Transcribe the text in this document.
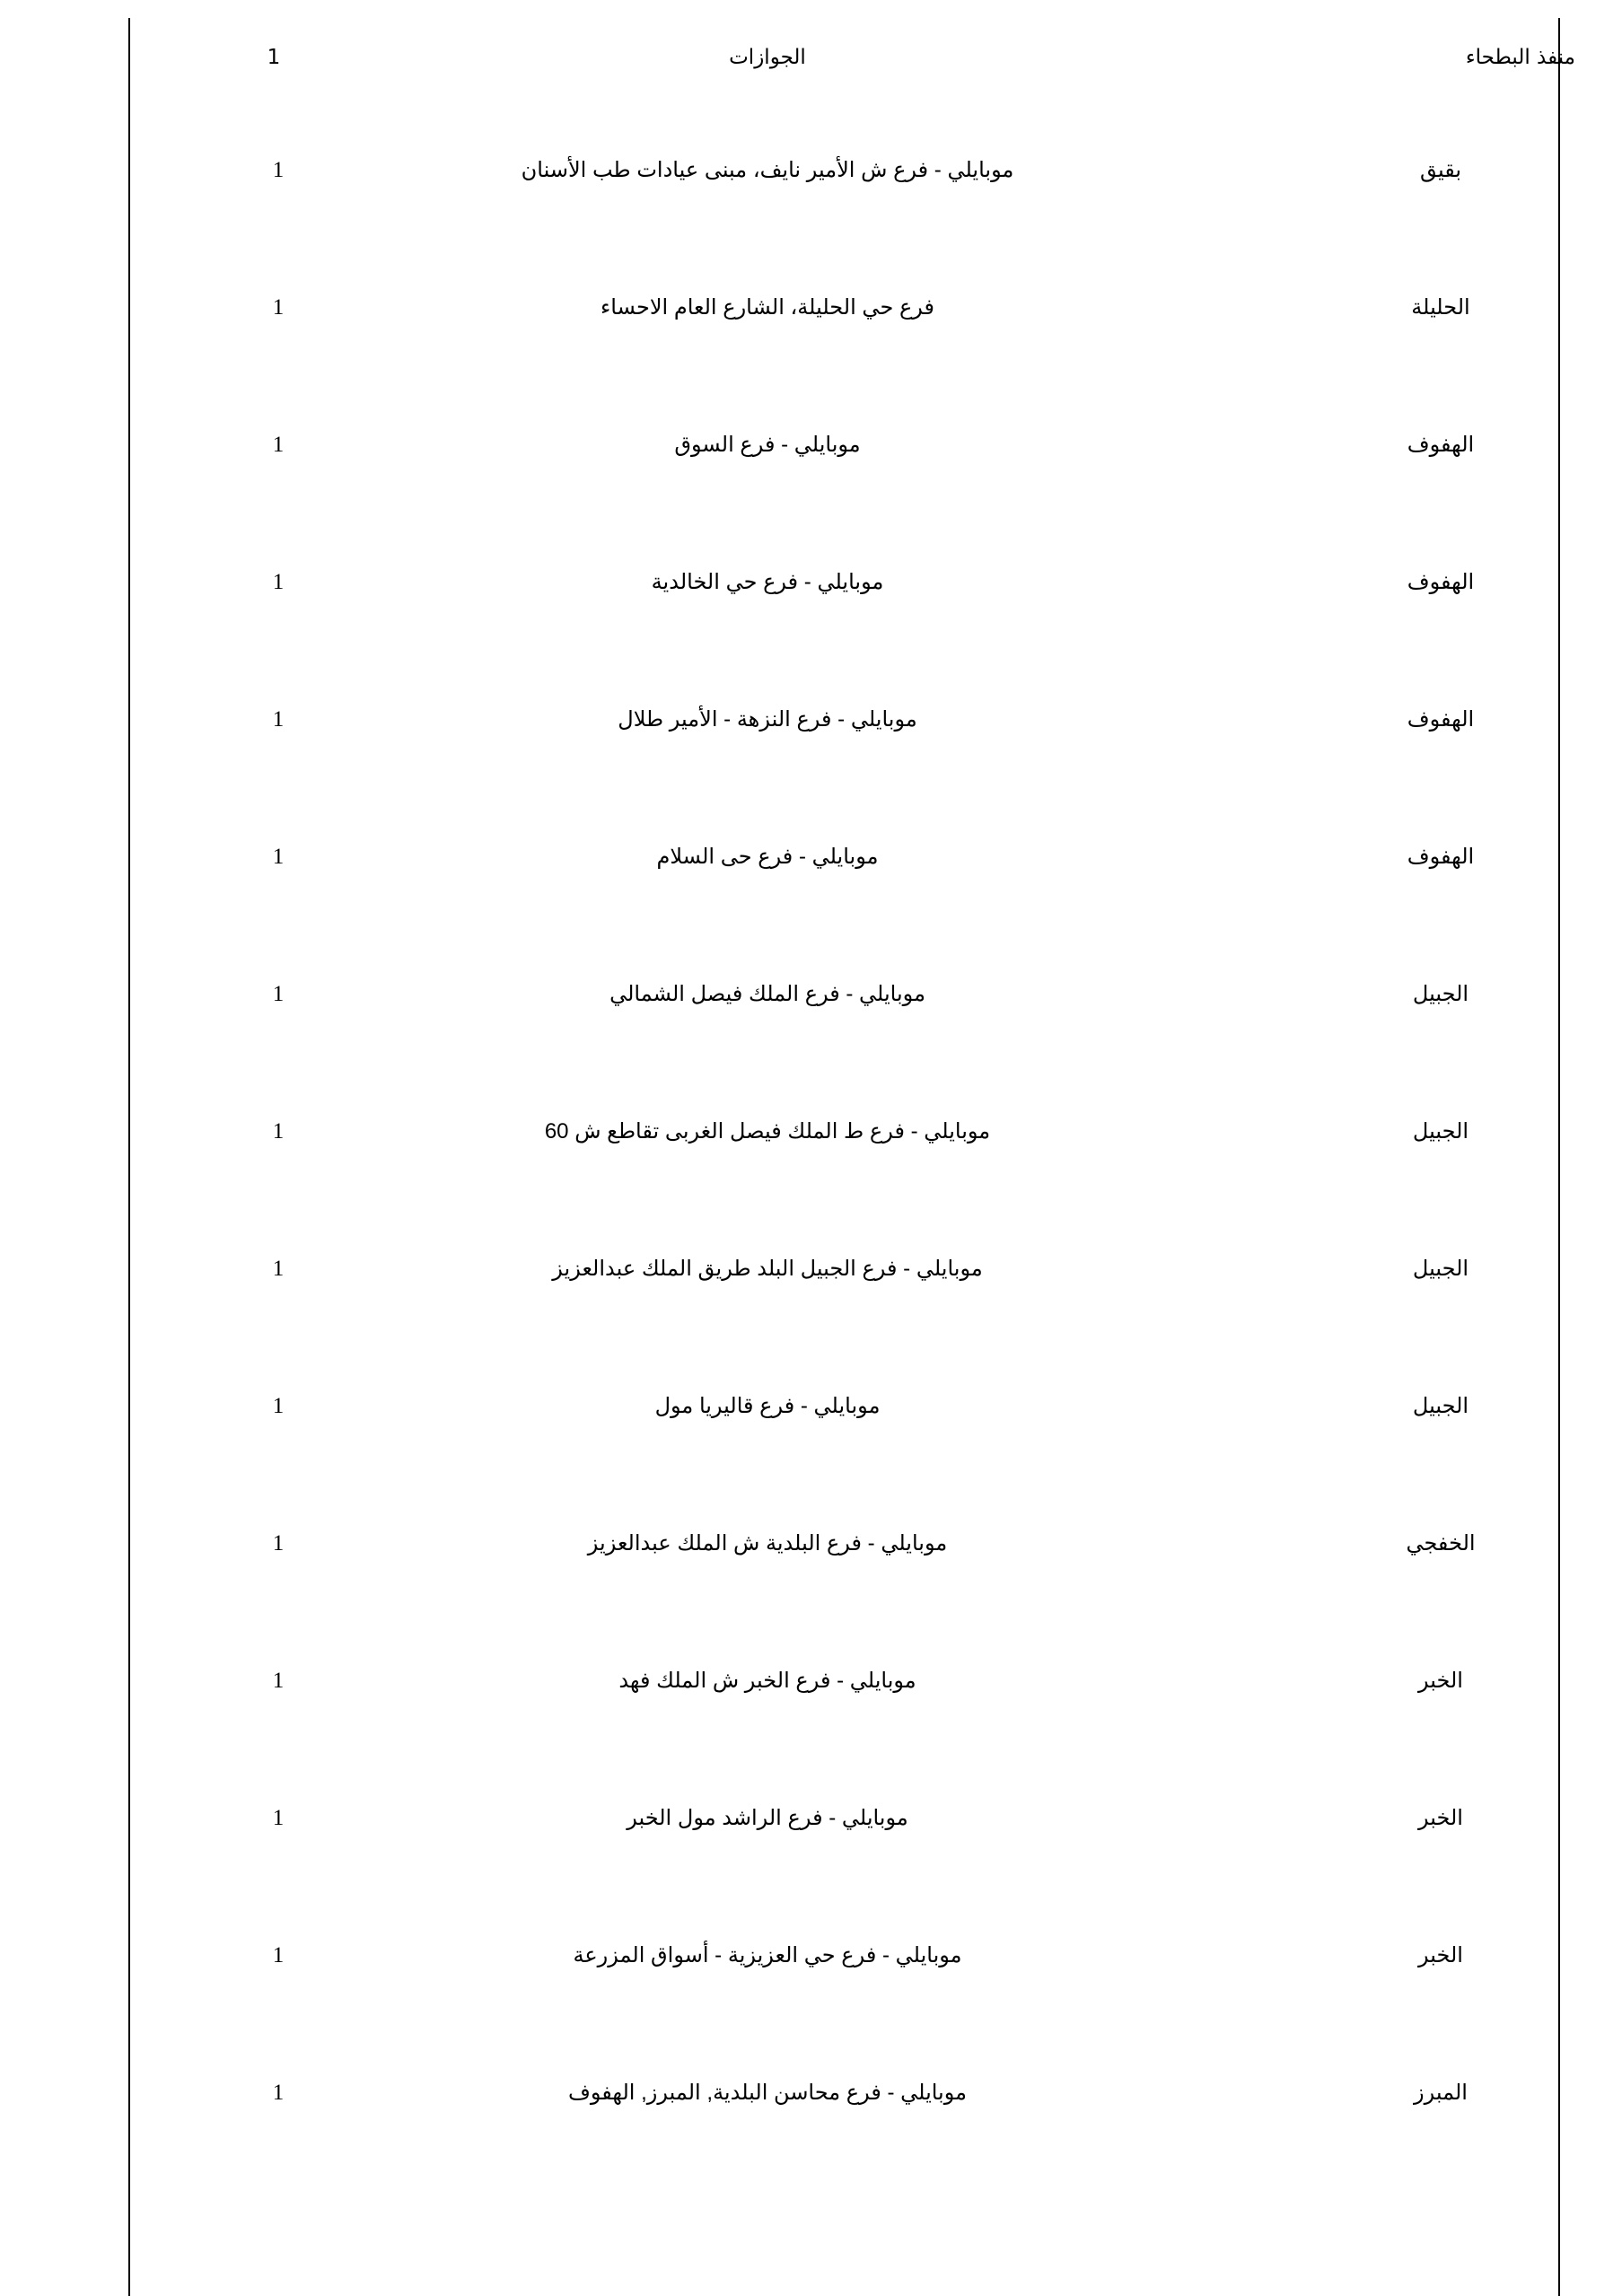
1	الجوازات	منفذ البطحاء
1	موبايلي - فرع ش الأمير نايف، مبنى عيادات طب الأسنان	بقيق
1	فرع حي الحليلة، الشارع العام الاحساء	الحليلة
1	موبايلي - فرع السوق	الهفوف
1	موبايلي - فرع حي الخالدية	الهفوف
1	موبايلي - فرع النزهة - الأمير طلال	الهفوف
1	موبايلي - فرع حى السلام	الهفوف
1	موبايلي - فرع الملك فيصل الشمالي	الجبيل
1	موبايلي - فرع ط الملك فيصل الغربى تقاطع ش 60	الجبيل
1	موبايلي - فرع الجبيل البلد طريق الملك عبدالعزيز	الجبيل
1	موبايلي - فرع قاليريا مول	الجبيل
1	موبايلي - فرع البلدية ش الملك عبدالعزيز	الخفجي
1	موبايلي - فرع الخبر ش الملك فهد	الخبر
1	موبايلي - فرع الراشد مول الخبر	الخبر
1	موبايلي - فرع حي العزيزية - أسواق المزرعة	الخبر
1	موبايلي - فرع محاسن البلدية, المبرز, الهفوف	المبرز
